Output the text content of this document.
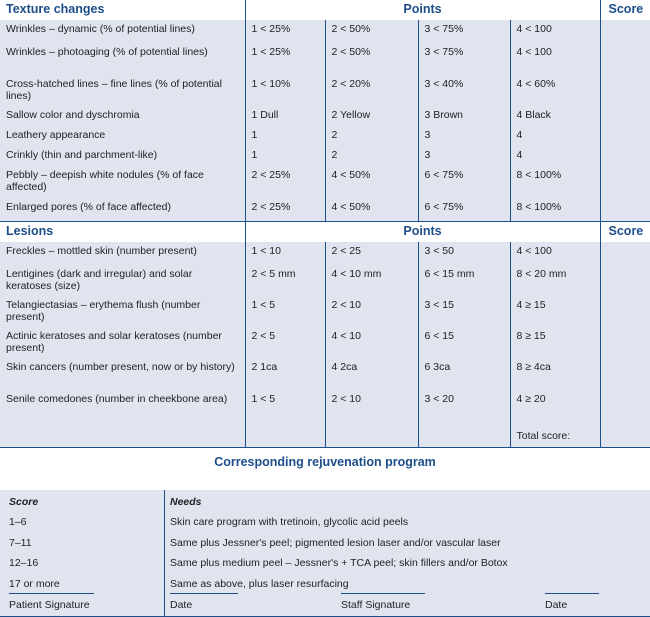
Texture changes	Points				Score
Wrinkles – dynamic (% of potential lines)	1 < 25%	2 < 50%	3 < 75%	4 < 100	
Wrinkles – photoaging (% of potential lines)	1 < 25%	2 < 50%	3 < 75%	4 < 100	
Cross-hatched lines – fine lines (% of potential lines)	1 < 10%	2 < 20%	3 < 40%	4 < 60%	
Sallow color and dyschromia	1 Dull	2 Yellow	3 Brown	4 Black	
Leathery appearance	1	2	3	4	
Crinkly (thin and parchment-like)	1	2	3	4	
Pebbly – deepish white nodules (% of face affected)	2 < 25%	4 < 50%	6 < 75%	8 < 100%	
Enlarged pores (% of face affected)	2 < 25%	4 < 50%	6 < 75%	8 < 100%	
Lesions	Points				Score
Freckles – mottled skin (number present)	1 < 10	2 < 25	3 < 50	4 < 100	
Lentigines (dark and irregular) and solar keratoses (size)	2 < 5 mm	4 < 10 mm	6 < 15 mm	8 < 20 mm	
Telangiectasias – erythema flush (number present)	1 < 5	2 < 10	3 < 15	4 ≥ 15	
Actinic keratoses and solar keratoses (number present)	2 < 5	4 < 10	6 < 15	8 ≥ 15	
Skin cancers (number present, now or by history)	2 1ca	4 2ca	6 3ca	8 ≥ 4ca	
Senile comedones (number in cheekbone area)	1 < 5	2 < 10	3 < 20	4 ≥ 20	
				Total score:	
Corresponding rejuvenation program
Score	Needs
1–6	Skin care program with tretinoin, glycolic acid peels
7–11	Same plus Jessner's peel; pigmented lesion laser and/or vascular laser
12–16	Same plus medium peel – Jessner's + TCA peel; skin fillers and/or Botox
17 or more	Same as above, plus laser resurfacing
Patient Signature	Date	Staff Signature	Date
